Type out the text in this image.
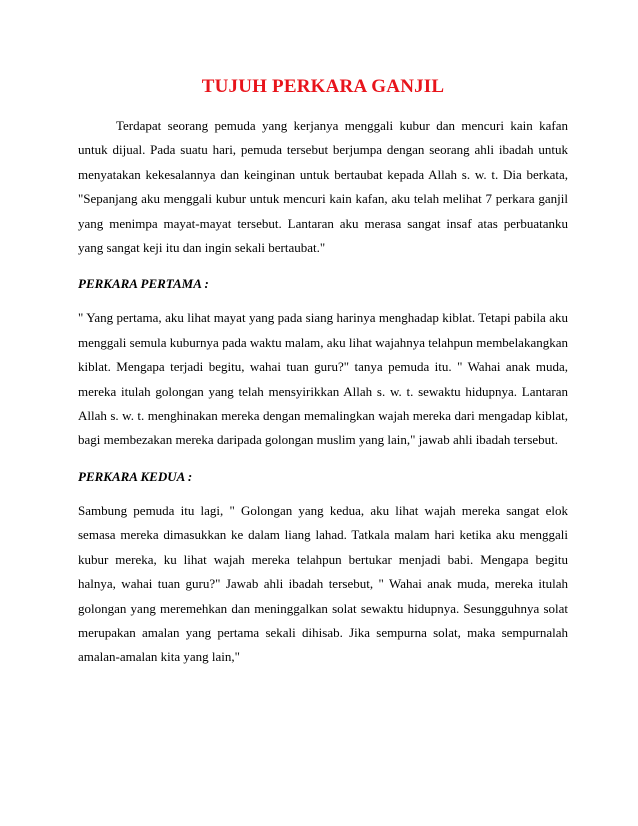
TUJUH PERKARA GANJIL

Terdapat seorang pemuda yang kerjanya menggali kubur dan mencuri kain kafan untuk dijual. Pada suatu hari, pemuda tersebut berjumpa dengan seorang ahli ibadah untuk menyatakan kekesalannya dan keinginan untuk bertaubat kepada Allah s. w. t. Dia berkata, "Sepanjang aku menggali kubur untuk mencuri kain kafan, aku telah melihat 7 perkara ganjil yang menimpa mayat-mayat tersebut. Lantaran aku merasa sangat insaf atas perbuatanku yang sangat keji itu dan ingin sekali bertaubat."

PERKARA PERTAMA :

" Yang pertama, aku lihat mayat yang pada siang harinya menghadap kiblat. Tetapi pabila aku menggali semula kuburnya pada waktu malam, aku lihat wajahnya telahpun membelakangkan kiblat. Mengapa terjadi begitu, wahai tuan guru?" tanya pemuda itu. " Wahai anak muda, mereka itulah golongan yang telah mensyirikkan Allah s. w. t. sewaktu hidupnya. Lantaran Allah s. w. t. menghinakan mereka dengan memalingkan wajah mereka dari mengadap kiblat, bagi membezakan mereka daripada golongan muslim yang lain," jawab ahli ibadah tersebut.

PERKARA KEDUA :

Sambung pemuda itu lagi, " Golongan yang kedua, aku lihat wajah mereka sangat elok semasa mereka dimasukkan ke dalam liang lahad. Tatkala malam hari ketika aku menggali kubur mereka, ku lihat wajah mereka telahpun bertukar menjadi babi. Mengapa begitu halnya, wahai tuan guru?" Jawab ahli ibadah tersebut, " Wahai anak muda, mereka itulah golongan yang meremehkan dan meninggalkan solat sewaktu hidupnya. Sesungguhnya solat merupakan amalan yang pertama sekali dihisab. Jika sempurna solat, maka sempurnalah amalan-amalan kita yang lain,"
